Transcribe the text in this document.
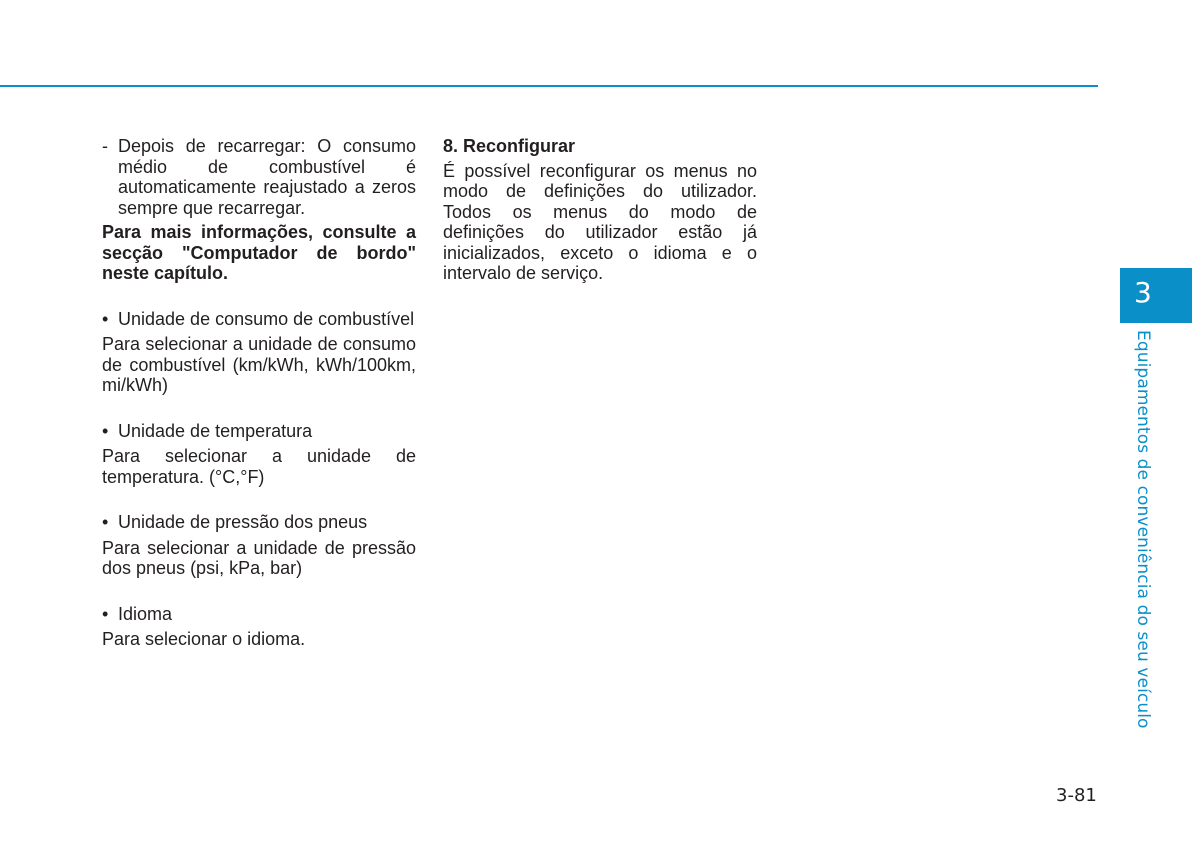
- Depois de recarregar: O consumo médio de combustível é automaticamente reajustado a zeros sempre que recarregar.

Para mais informações, consulte a secção "Computador de bordo" neste capítulo.

• Unidade de consumo de combustível

Para selecionar a unidade de consumo de combustível (km/kWh, kWh/100km, mi/kWh)

• Unidade de temperatura

Para selecionar a unidade de temperatura. (°C,°F)

• Unidade de pressão dos pneus

Para selecionar a unidade de pressão dos pneus (psi, kPa, bar)

• Idioma

Para selecionar o idioma.

8. Reconfigurar

É possível reconfigurar os menus no modo de definições do utilizador. Todos os menus do modo de definições do utilizador estão já inicializados, exceto o idioma e o intervalo de serviço.

3
Equipamentos de conveniência do seu veículo
3-81
